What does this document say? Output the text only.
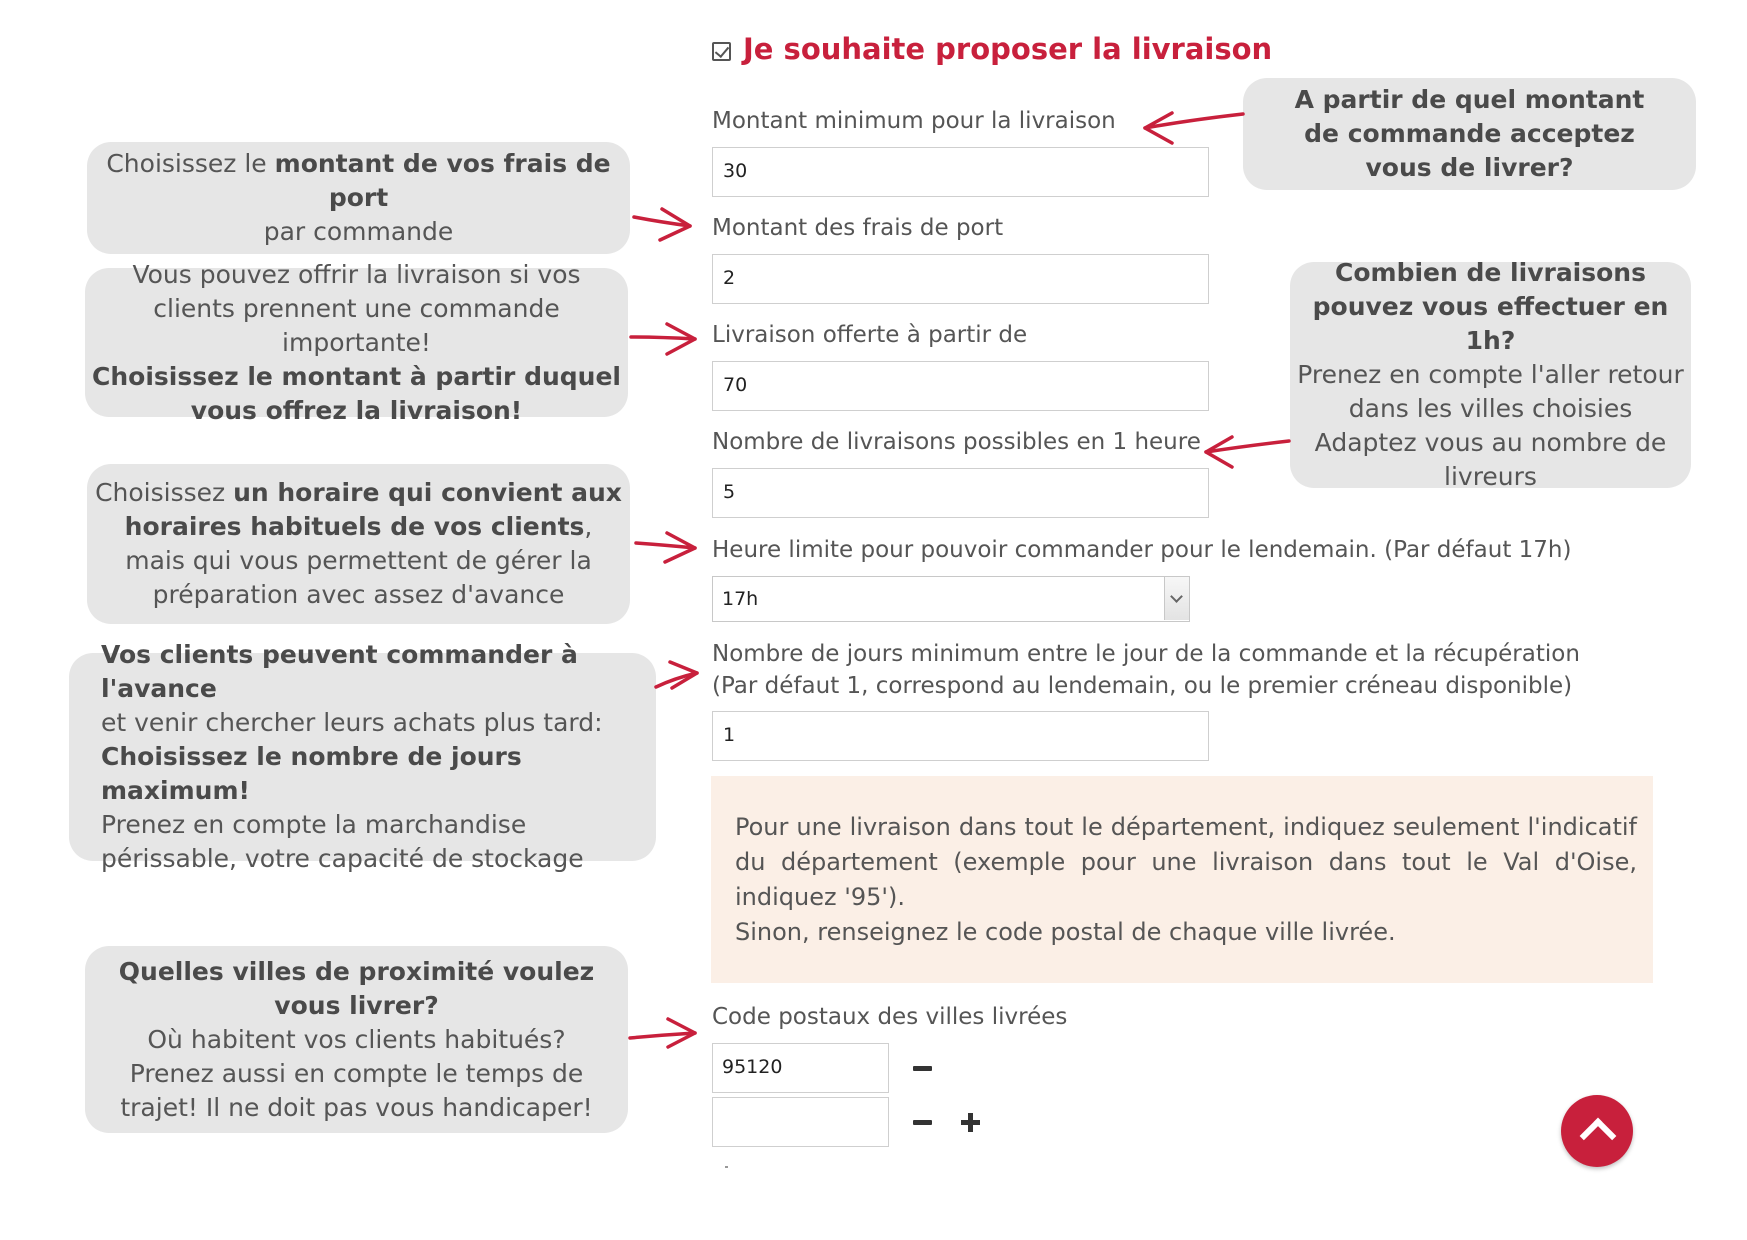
Je souhaite proposer la livraison
Montant minimum pour la livraison
30
Montant des frais de port
2
Livraison offerte à partir de
70
Nombre de livraisons possibles en 1 heure
5
Heure limite pour pouvoir commander pour le lendemain. (Par défaut 17h)
17h
Nombre de jours minimum entre le jour de la commande et la récupération (Par défaut 1, correspond au lendemain, ou le premier créneau disponible)
1
Pour une livraison dans tout le département, indiquez seulement l'indicatif du département (exemple pour une livraison dans tout le Val d'Oise, indiquez '95').
Sinon, renseignez le code postal de chaque ville livrée.
Code postaux des villes livrées
95120

Choisissez le montant de vos frais de port

par commande

Vous pouvez offrir la livraison si vos clients prennent une commande importante!

Choisissez le montant à partir duquel vous offrez la livraison!

Choisissez un horaire qui convient aux horaires habituels de vos clients, mais qui vous permettent de gérer la préparation avec assez d'avance

Vos clients peuvent commander à l'avance

et venir chercher leurs achats plus tard:

Choisissez le nombre de jours maximum!

Prenez en compte la marchandise périssable, votre capacité de stockage

Quelles villes de proximité voulez vous livrer?

Où habitent vos clients habitués? Prenez aussi en compte le temps de trajet! Il ne doit pas vous handicaper!

A partir de quel montant de commande acceptez vous de livrer?

Combien de livraisons pouvez vous effectuer en 1h?

Prenez en compte l'aller retour dans les villes choisies

Adaptez vous au nombre de livreurs
